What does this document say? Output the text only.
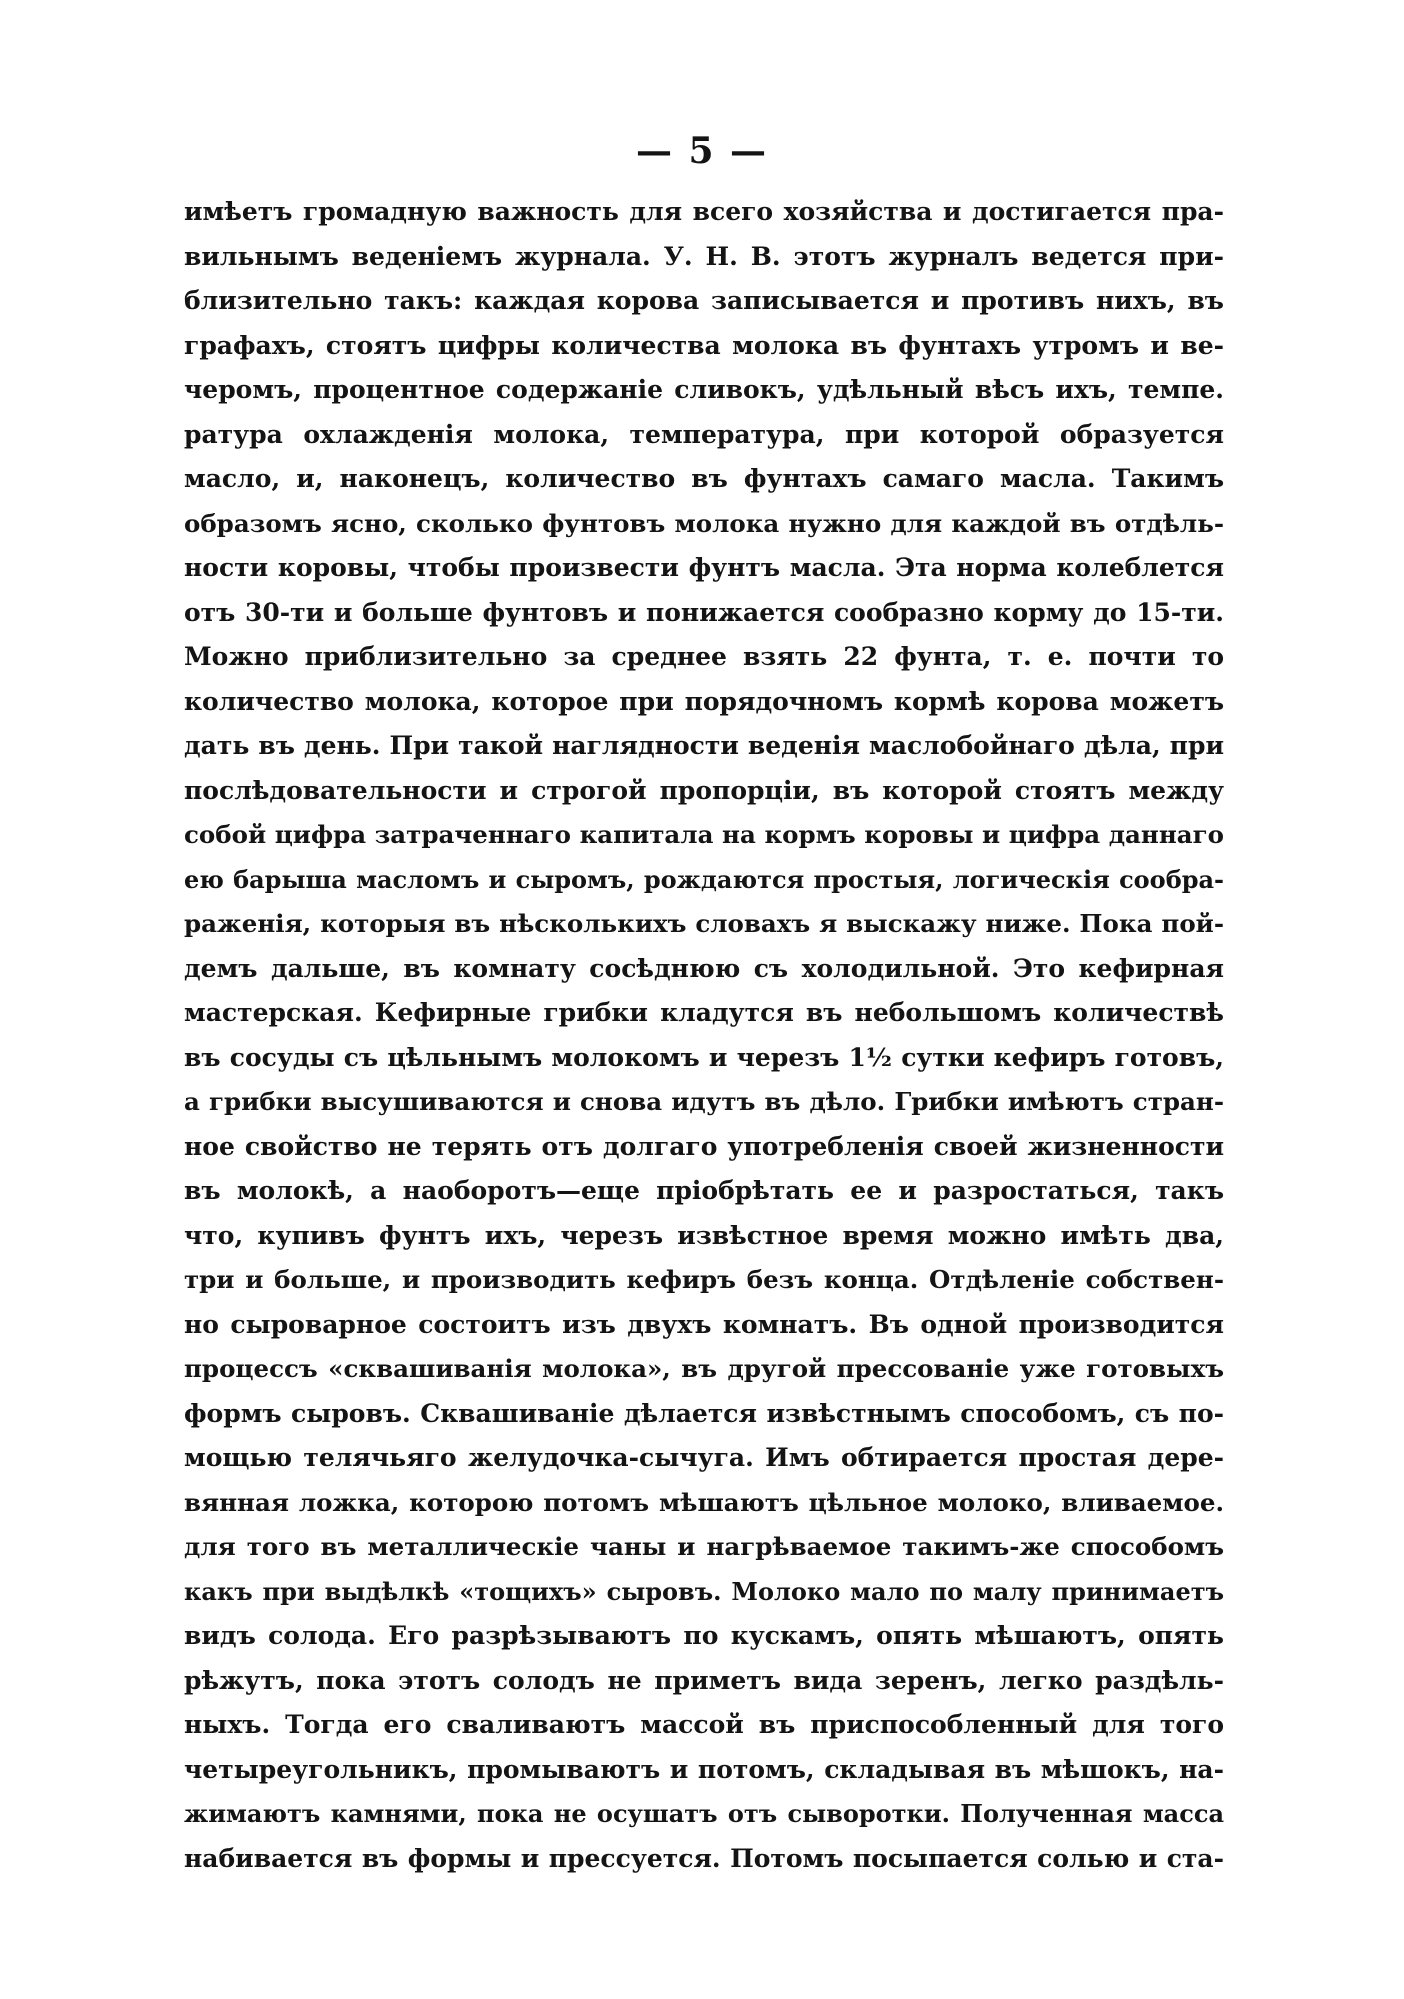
— 5 —
имѣетъ громадную важность для всего хозяйства и достигается пра-
вильнымъ веденіемъ журнала. У. Н. В. этотъ журналъ ведется при-
близительно такъ: каждая корова записывается и противъ нихъ, въ
графахъ, стоятъ цифры количества молока въ фунтахъ утромъ и ве-
черомъ, процентное содержаніе сливокъ, удѣльный вѣсъ ихъ, темпе.
ратура охлажденія молока, температура, при которой образуется
масло, и, наконецъ, количество въ фунтахъ самаго масла. Такимъ
образомъ ясно, сколько фунтовъ молока нужно для каждой въ отдѣль-
ности коровы, чтобы произвести фунтъ масла. Эта норма колеблется
отъ 30-ти и больше фунтовъ и понижается сообразно корму до 15-ти.
Можно приблизительно за среднее взять 22 фунта, т. е. почти то
количество молока, которое при порядочномъ кормѣ корова можетъ
дать въ день. При такой наглядности веденія маслобойнаго дѣла, при
послѣдовательности и строгой пропорціи, въ которой стоятъ между
собой цифра затраченнаго капитала на кормъ коровы и цифра даннаго
ею барыша масломъ и сыромъ, рождаются простыя, логическія сообра-
раженія, которыя въ нѣсколькихъ словахъ я выскажу ниже. Пока пой-
демъ дальше, въ комнату сосѣднюю съ холодильной. Это кефирная
мастерская. Кефирные грибки кладутся въ небольшомъ количествѣ
въ сосуды съ цѣльнымъ молокомъ и черезъ 1½ сутки кефиръ готовъ,
а грибки высушиваются и снова идутъ въ дѣло. Грибки имѣютъ стран-
ное свойство не терять отъ долгаго употребленія своей жизненности
въ молокѣ, а наоборотъ—еще пріобрѣтать ее и разростаться, такъ
что, купивъ фунтъ ихъ, черезъ извѣстное время можно имѣть два,
три и больше, и производить кефиръ безъ конца. Отдѣленіе собствен-
но сыроварное состоитъ изъ двухъ комнатъ. Въ одной производится
процессъ «сквашиванія молока», въ другой прессованіе уже готовыхъ
формъ сыровъ. Сквашиваніе дѣлается извѣстнымъ способомъ, съ по-
мощью телячьяго желудочка-сычуга. Имъ обтирается простая дере-
вянная ложка, которою потомъ мѣшаютъ цѣльное молоко, вливаемое.
для того въ металлическіе чаны и нагрѣваемое такимъ-же способомъ
какъ при выдѣлкѣ «тощихъ» сыровъ. Молоко мало по малу принимаетъ
видъ солода. Его разрѣзываютъ по кускамъ, опять мѣшаютъ, опять
рѣжутъ, пока этотъ солодъ не приметъ вида зеренъ, легко раздѣль-
ныхъ. Тогда его сваливаютъ массой въ приспособленный для того
четыреугольникъ, промываютъ и потомъ, складывая въ мѣшокъ, на-
жимаютъ камнями, пока не осушатъ отъ сыворотки. Полученная масса
набивается въ формы и прессуется. Потомъ посыпается солью и ста-
